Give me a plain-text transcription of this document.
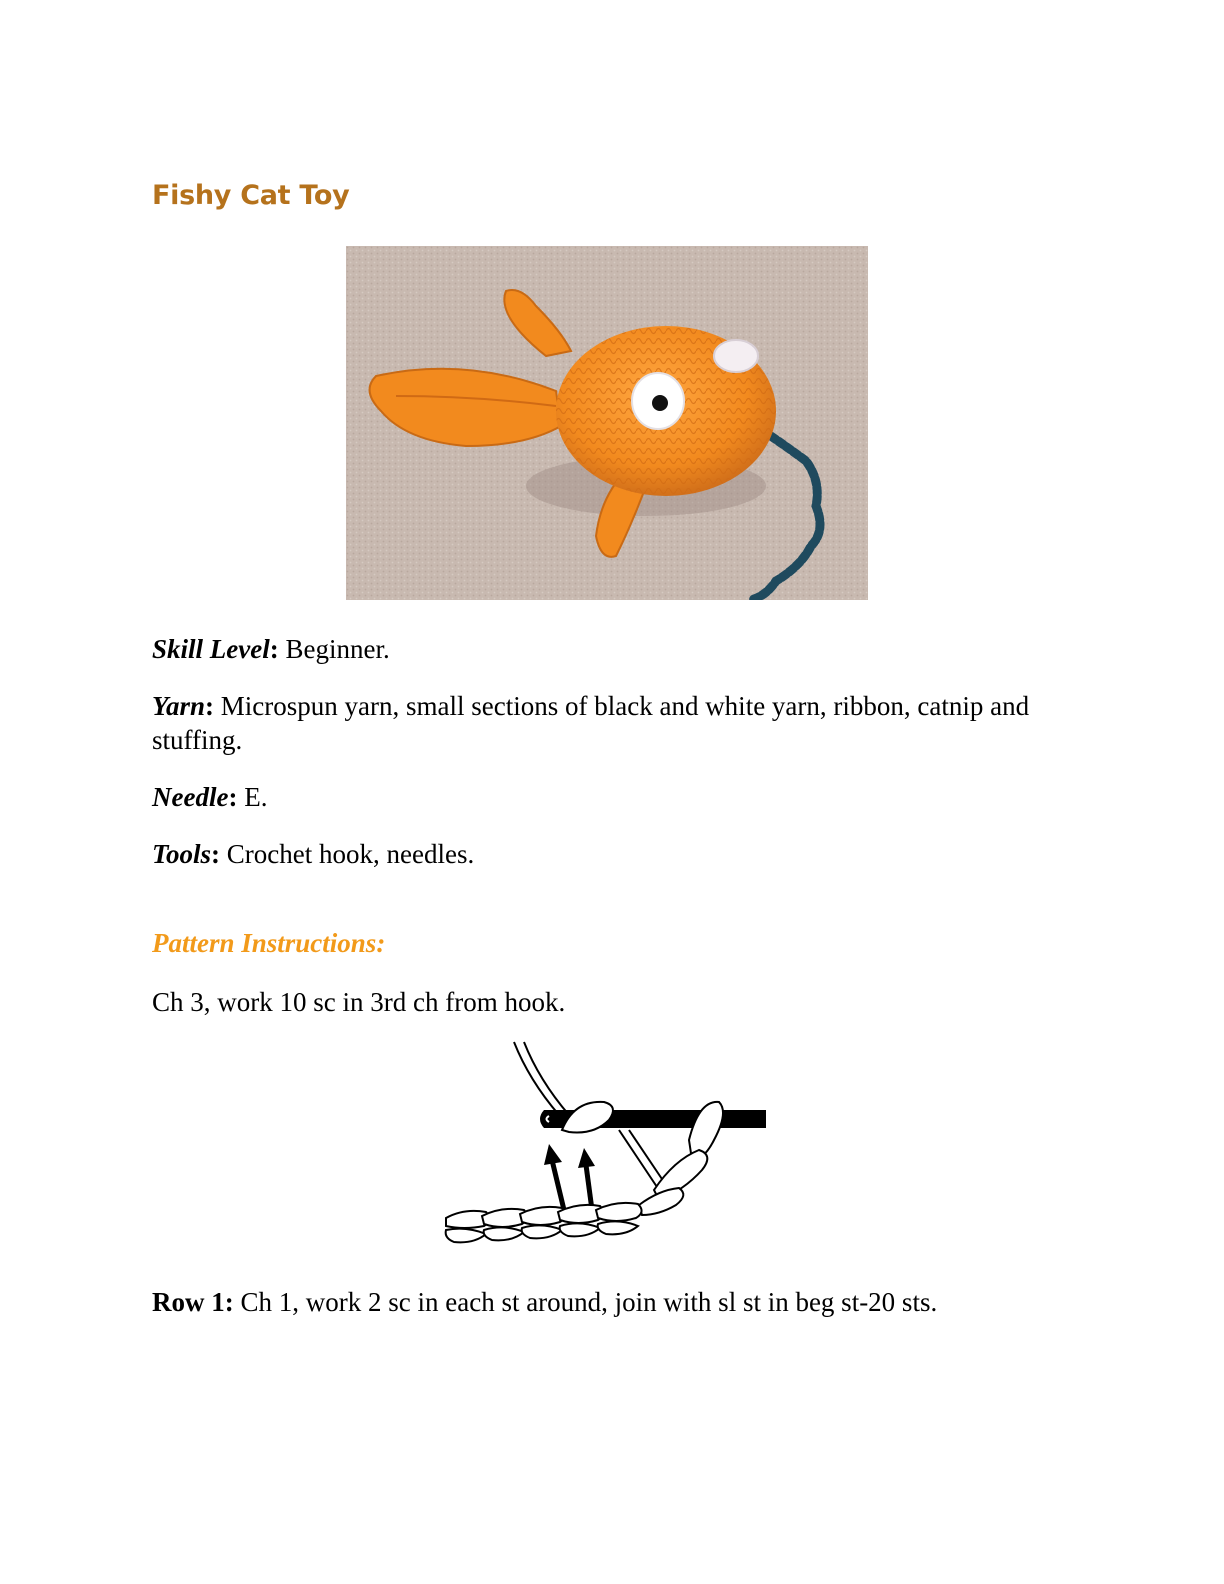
Fishy Cat Toy
Skill Level: Beginner.
Yarn: Microspun yarn, small sections of black and white yarn, ribbon, catnip and stuffing.
Needle: E.
Tools: Crochet hook, needles.
Pattern Instructions:
Ch 3, work 10 sc in 3rd ch from hook.
Row 1: Ch 1, work 2 sc in each st around, join with sl st in beg st-20 sts.
